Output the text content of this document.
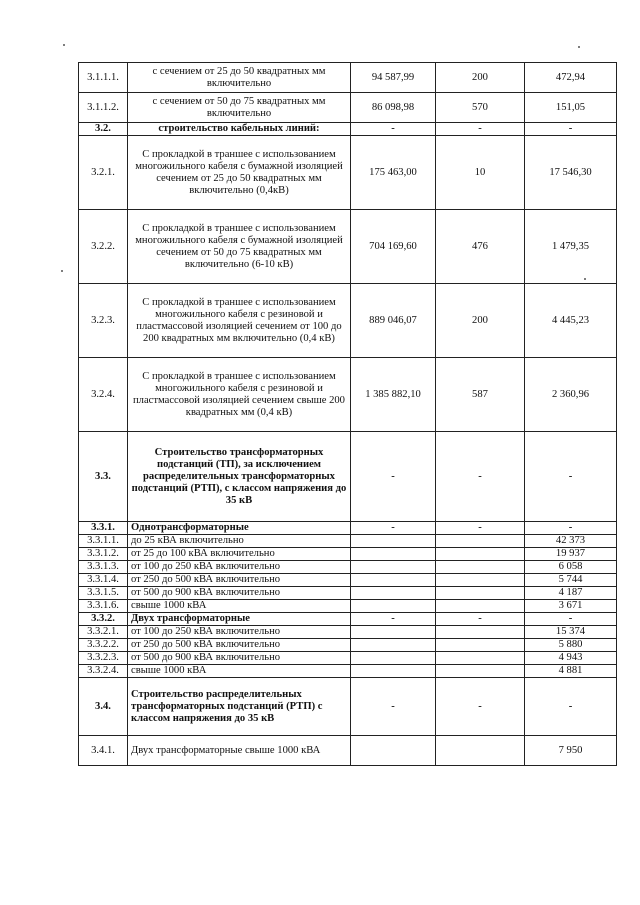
3.1.1.1.	с сечением от 25 до 50 квадратных мм включительно	94 587,99	200	472,94
3.1.1.2.	с сечением от 50 до 75 квадратных мм включительно	86 098,98	570	151,05
3.2.	строительство кабельных линий:	-	-	-
3.2.1.	С прокладкой в траншее с использованием многожильного кабеля с бумажной изоляцией сечением от 25 до 50 квадратных мм включительно (0,4кВ)	175 463,00	10	17 546,30
3.2.2.	С прокладкой в траншее с использованием многожильного кабеля с бумажной изоляцией сечением от 50 до 75 квадратных мм включительно (6-10 кВ)	704 169,60	476	1 479,35
3.2.3.	С прокладкой в траншее с использованием многожильного кабеля с резиновой и пластмассовой изоляцией сечением от 100 до 200 квадратных мм включительно (0,4 кВ)	889 046,07	200	4 445,23
3.2.4.	С прокладкой в траншее с использованием многожильного кабеля с резиновой и пластмассовой изоляцией сечением свыше 200 квадратных мм (0,4 кВ)	1 385 882,10	587	2 360,96
3.3.	Строительство трансформаторных подстанций (ТП), за исключением распределительных трансформаторных подстанций (РТП), с классом напряжения до 35 кВ	-	-	-
3.3.1.	Однотрансформаторные	-	-	-
3.3.1.1.	до 25 кВА включительно			42 373
3.3.1.2.	от 25 до 100 кВА включительно			19 937
3.3.1.3.	от 100 до 250 кВА включительно			6 058
3.3.1.4.	от 250 до 500 кВА включительно			5 744
3.3.1.5.	от 500 до 900 кВА включительно			4 187
3.3.1.6.	свыше 1000 кВА			3 671
3.3.2.	Двух трансформаторные	-	-	-
3.3.2.1.	от 100 до 250 кВА включительно			15 374
3.3.2.2.	от 250 до 500 кВА включительно			5 880
3.3.2.3.	от 500 до 900 кВА включительно			4 943
3.3.2.4.	свыше 1000 кВА			4 881
3.4.	Строительство распределительных трансформаторных подстанций (РТП) с классом напряжения до 35 кВ	-	-	-
3.4.1.	Двух трансформаторные свыше 1000 кВА			7 950
